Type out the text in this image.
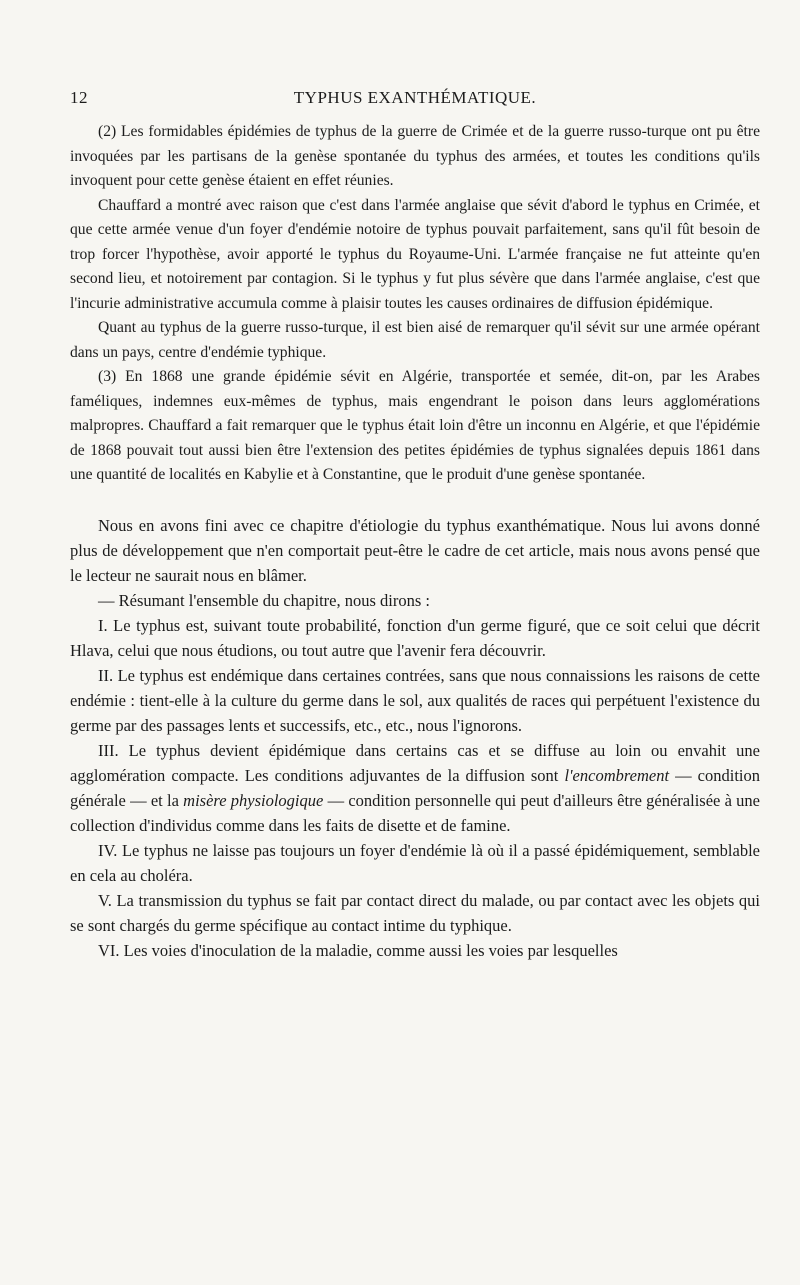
12	TYPHUS EXANTHÉMATIQUE.

(2) Les formidables épidémies de typhus de la guerre de Crimée et de la guerre russo-turque ont pu être invoquées par les partisans de la genèse spontanée du typhus des armées, et toutes les conditions qu'ils invoquent pour cette genèse étaient en effet réunies.

Chauffard a montré avec raison que c'est dans l'armée anglaise que sévit d'abord le typhus en Crimée, et que cette armée venue d'un foyer d'endémie notoire de typhus pouvait parfaitement, sans qu'il fût besoin de trop forcer l'hypothèse, avoir apporté le typhus du Royaume-Uni. L'armée française ne fut atteinte qu'en second lieu, et notoirement par contagion. Si le typhus y fut plus sévère que dans l'armée anglaise, c'est que l'incurie administrative accumula comme à plaisir toutes les causes ordinaires de diffusion épidémique.

Quant au typhus de la guerre russo-turque, il est bien aisé de remarquer qu'il sévit sur une armée opérant dans un pays, centre d'endémie typhique.

(3) En 1868 une grande épidémie sévit en Algérie, transportée et semée, dit-on, par les Arabes faméliques, indemnes eux-mêmes de typhus, mais engendrant le poison dans leurs agglomérations malpropres. Chauffard a fait remarquer que le typhus était loin d'être un inconnu en Algérie, et que l'épidémie de 1868 pouvait tout aussi bien être l'extension des petites épidémies de typhus signalées depuis 1861 dans une quantité de localités en Kabylie et à Constantine, que le produit d'une genèse spontanée.

Nous en avons fini avec ce chapitre d'étiologie du typhus exanthématique. Nous lui avons donné plus de développement que n'en comportait peut-être le cadre de cet article, mais nous avons pensé que le lecteur ne saurait nous en blâmer.

— Résumant l'ensemble du chapitre, nous dirons :

I. Le typhus est, suivant toute probabilité, fonction d'un germe figuré, que ce soit celui que décrit Hlava, celui que nous étudions, ou tout autre que l'avenir fera découvrir.

II. Le typhus est endémique dans certaines contrées, sans que nous connaissions les raisons de cette endémie : tient-elle à la culture du germe dans le sol, aux qualités de races qui perpétuent l'existence du germe par des passages lents et successifs, etc., etc., nous l'ignorons.

III. Le typhus devient épidémique dans certains cas et se diffuse au loin ou envahit une agglomération compacte. Les conditions adjuvantes de la diffusion sont l'encombrement — condition générale — et la misère physiologique — condition personnelle qui peut d'ailleurs être généralisée à une collection d'individus comme dans les faits de disette et de famine.

IV. Le typhus ne laisse pas toujours un foyer d'endémie là où il a passé épidémiquement, semblable en cela au choléra.

V. La transmission du typhus se fait par contact direct du malade, ou par contact avec les objets qui se sont chargés du germe spécifique au contact intime du typhique.

VI. Les voies d'inoculation de la maladie, comme aussi les voies par lesquelles
